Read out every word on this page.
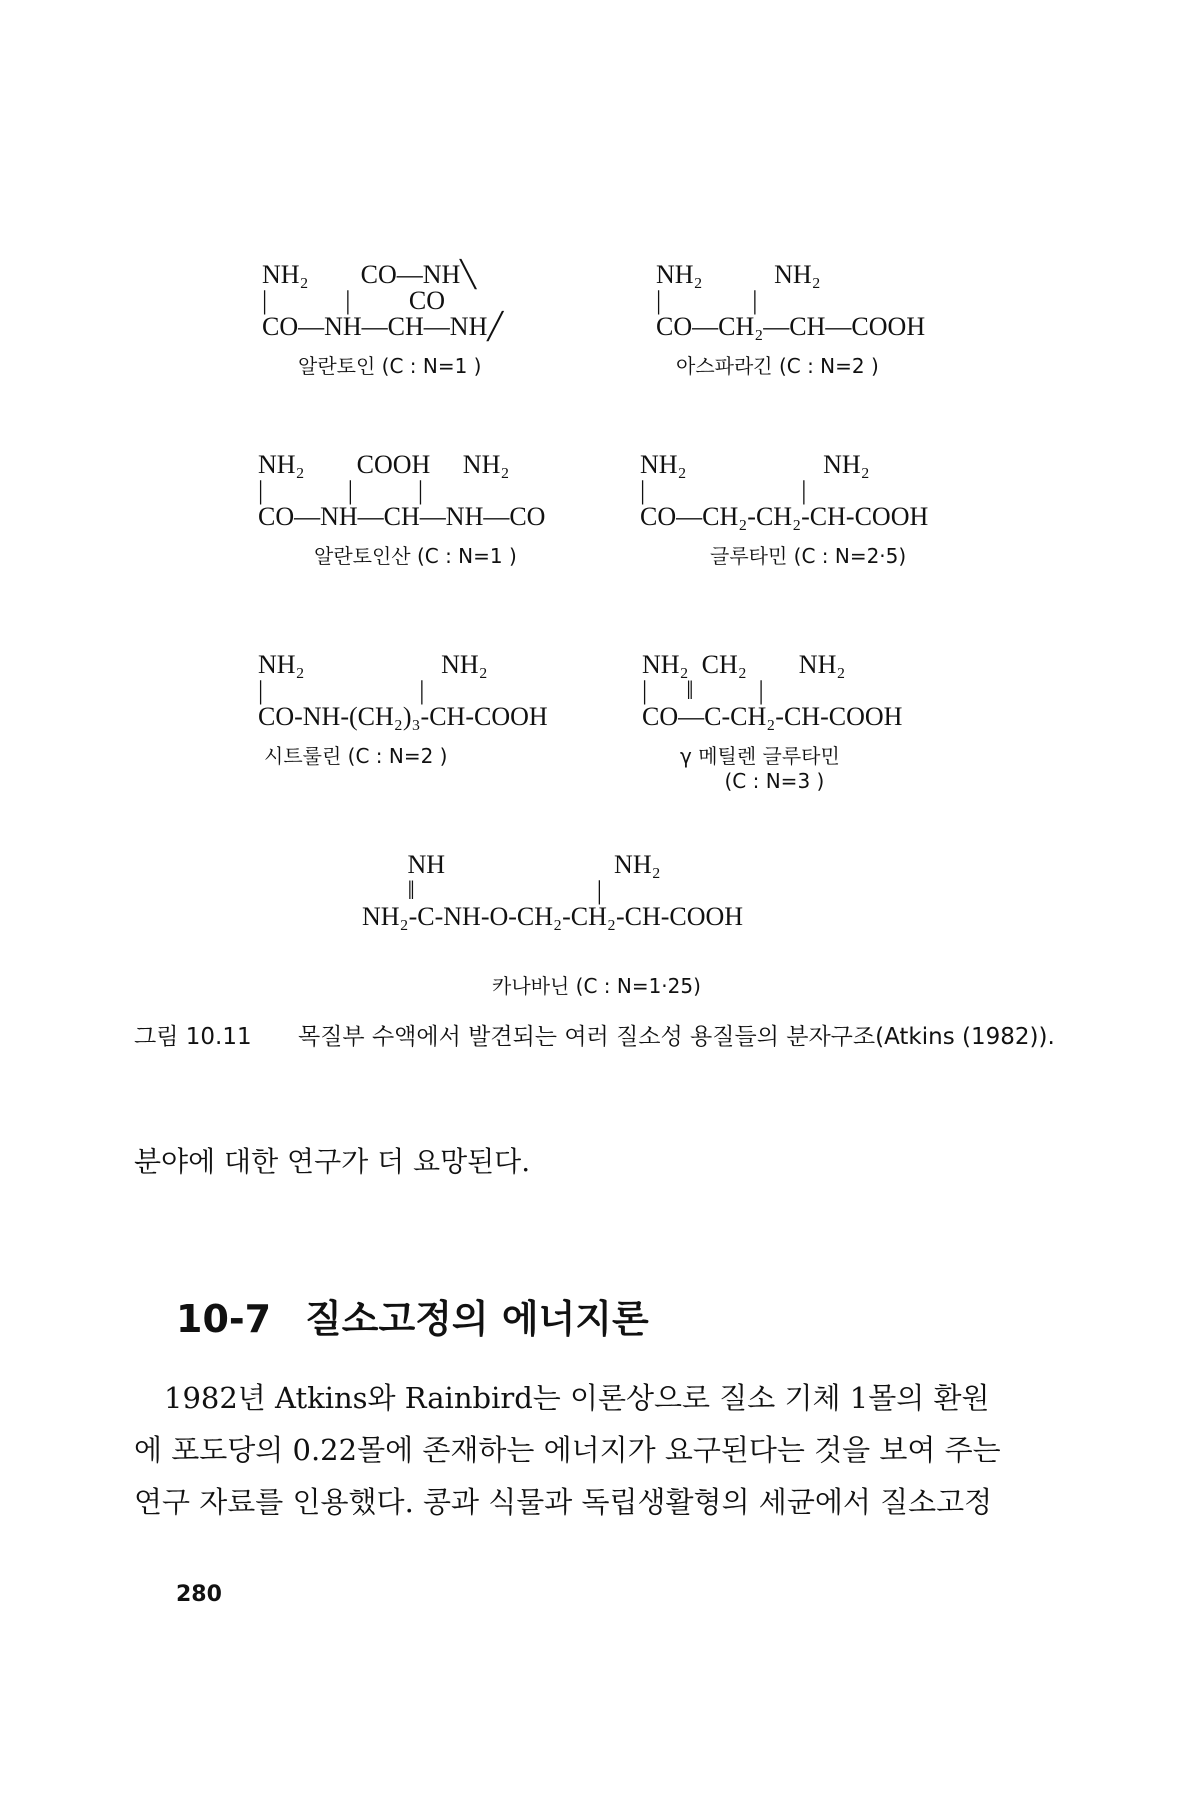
NH₂        CO—NH╲
|            |         CO
CO—NH—CH—NH╱
알란토인 (C : N=1 )
NH₂           NH₂
|              |
CO—CH₂—CH—COOH
아스파라긴 (C : N=2 )
NH₂        COOH     NH₂
|             |          |
CO—NH—CH—NH—CO
알란토인산 (C : N=1 )
NH₂                     NH₂
|                        |
CO—CH₂-CH₂-CH-COOH
글루타민 (C : N=2·5)
NH₂                     NH₂
|                        |
CO-NH-(CH₂)₃-CH-COOH
시트룰린 (C : N=2 )
NH₂  CH₂        NH₂
|      ‖          |
CO—C-CH₂-CH-COOH
γ 메틸렌 글루타민
(C : N=3 )
NH                          NH₂
‖                            |
NH₂-C-NH-O-CH₂-CH₂-CH-COOH
카나바닌 (C : N=1·25)
그림 10.11 목질부 수액에서 발견되는 여러 질소성 용질들의 분자구조(Atkins (1982)).
분야에 대한 연구가 더 요망된다.
10-7 질소고정의 에너지론
1982년 Atkins와 Rainbird는 이론상으로 질소 기체 1몰의 환원
에 포도당의 0.22몰에 존재하는 에너지가 요구된다는 것을 보여 주는
연구 자료를 인용했다. 콩과 식물과 독립생활형의 세균에서 질소고정
280
